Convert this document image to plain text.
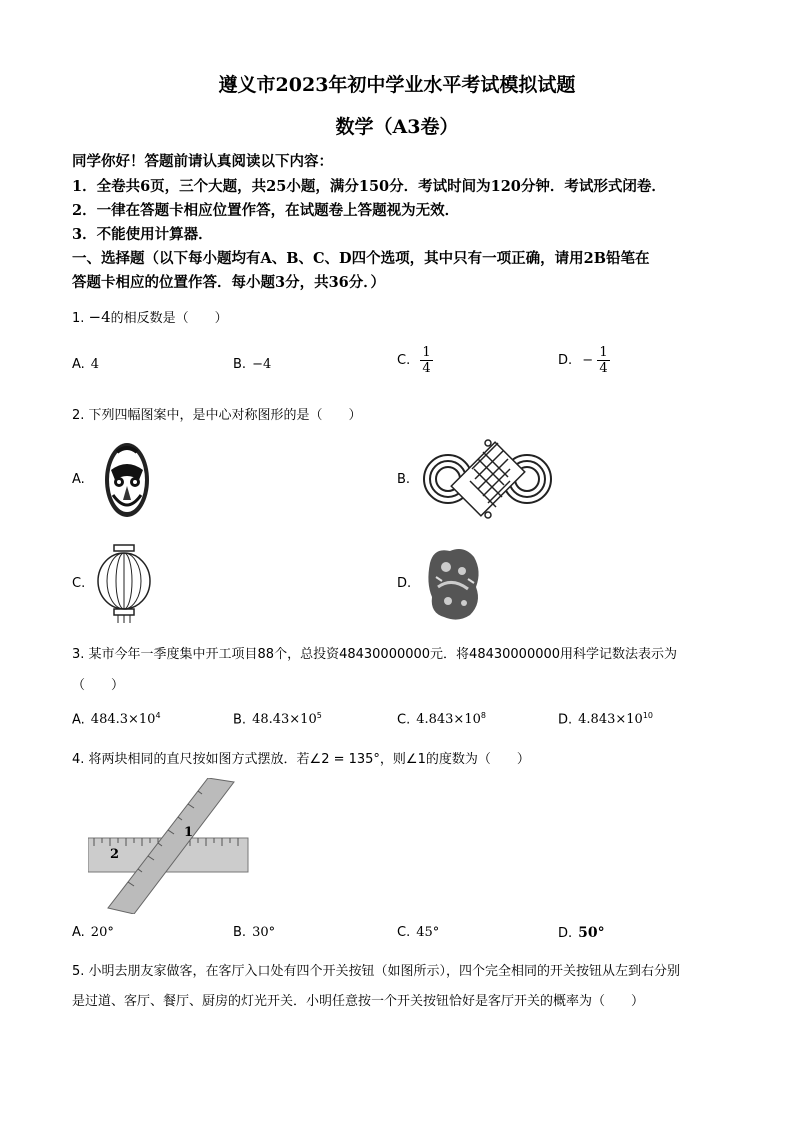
遵义市2023年初中学业水平考试模拟试题
数学（A3卷）
同学你好！答题前请认真阅读以下内容：
1．全卷共6页，三个大题，共25小题，满分150分．考试时间为120分钟．考试形式闭卷．
2．一律在答题卡相应位置作答，在试题卷上答题视为无效．
3．不能使用计算器．
一、选择题（以下每小题均有A、B、C、D四个选项，其中只有一项正确，请用2B铅笔在
答题卡相应的位置作答．每小题3分，共36分．）
1. −4的相反数是（　　）
A. 4	B. −4	C. $\frac{1}{4}$	D. − $\frac{1}{4}$
2. 下列四幅图案中，是中心对称图形的是（　　）
A.	B.
C.	D.
3. 某市今年一季度集中开工项目88个，总投资48430000000元．将48430000000用科学记数法表示为
（　　）
A. $484.3\times 10^4$	B. $48.43\times 10^5$	C. $4.843\times 10^8$	D. $4.843\times 10^{10}$
4. 将两块相同的直尺按如图方式摆放．若∠2 = 135°，则∠1的度数为（　　）
1
2
A. 20°	B. 30°	C. 45°	D. 50°
5. 小明去朋友家做客，在客厅入口处有四个开关按钮（如图所示），四个完全相同的开关按钮从左到右分别
是过道、客厅、餐厅、厨房的灯光开关．小明任意按一个开关按钮恰好是客厅开关的概率为（　　）
